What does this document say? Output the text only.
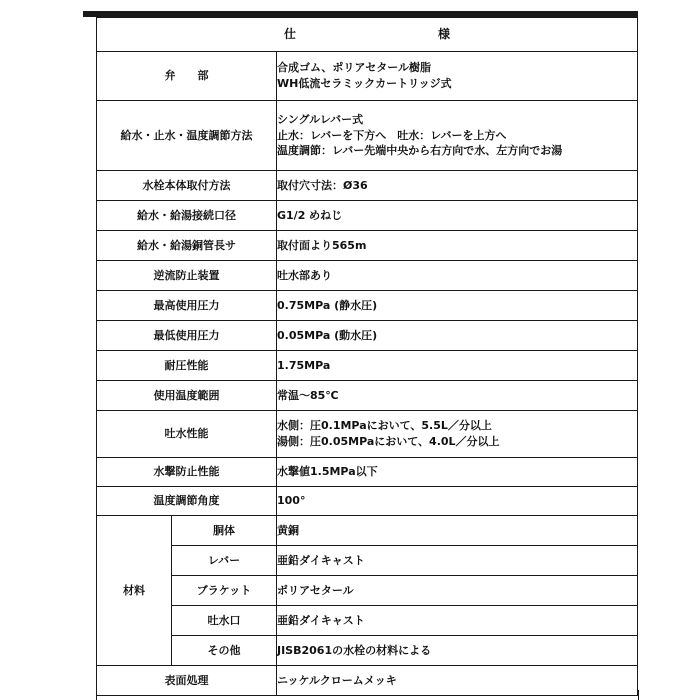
仕 様		

弁　　部		合成ゴム、ポリアセタール樹脂
WH低流セラミックカートリッジ式

給水・止水・温度調節方法		シングルレバー式
止水：レバーを下方へ　吐水：レバーを上方へ
温度調節：レバー先端中央から右方向で水、左方向でお湯

水栓本体取付方法		取付穴寸法：Ø36
給水・給湯接続口径		G1/2 めねじ
給水・給湯銅管長サ		取付面より565m
逆流防止装置		吐水部あり
最高使用圧力		0.75MPa (静水圧)
最低使用圧力		0.05MPa (動水圧)
耐圧性能		1.75MPa
使用温度範囲		常温～85℃
吐水性能		水側：圧0.1MPaにおいて、5.5L／分以上
湯側：圧0.05MPaにおいて、4.0L／分以上

水撃防止性能		水撃値1.5MPa以下
温度調節角度		100°
材料	胴体	黄銅
	レバー	亜鉛ダイキャスト
	ブラケット	ポリアセタール
	吐水口	亜鉛ダイキャスト
	その他	JISB2061の水栓の材料による
表面処理		ニッケルクロームメッキ
